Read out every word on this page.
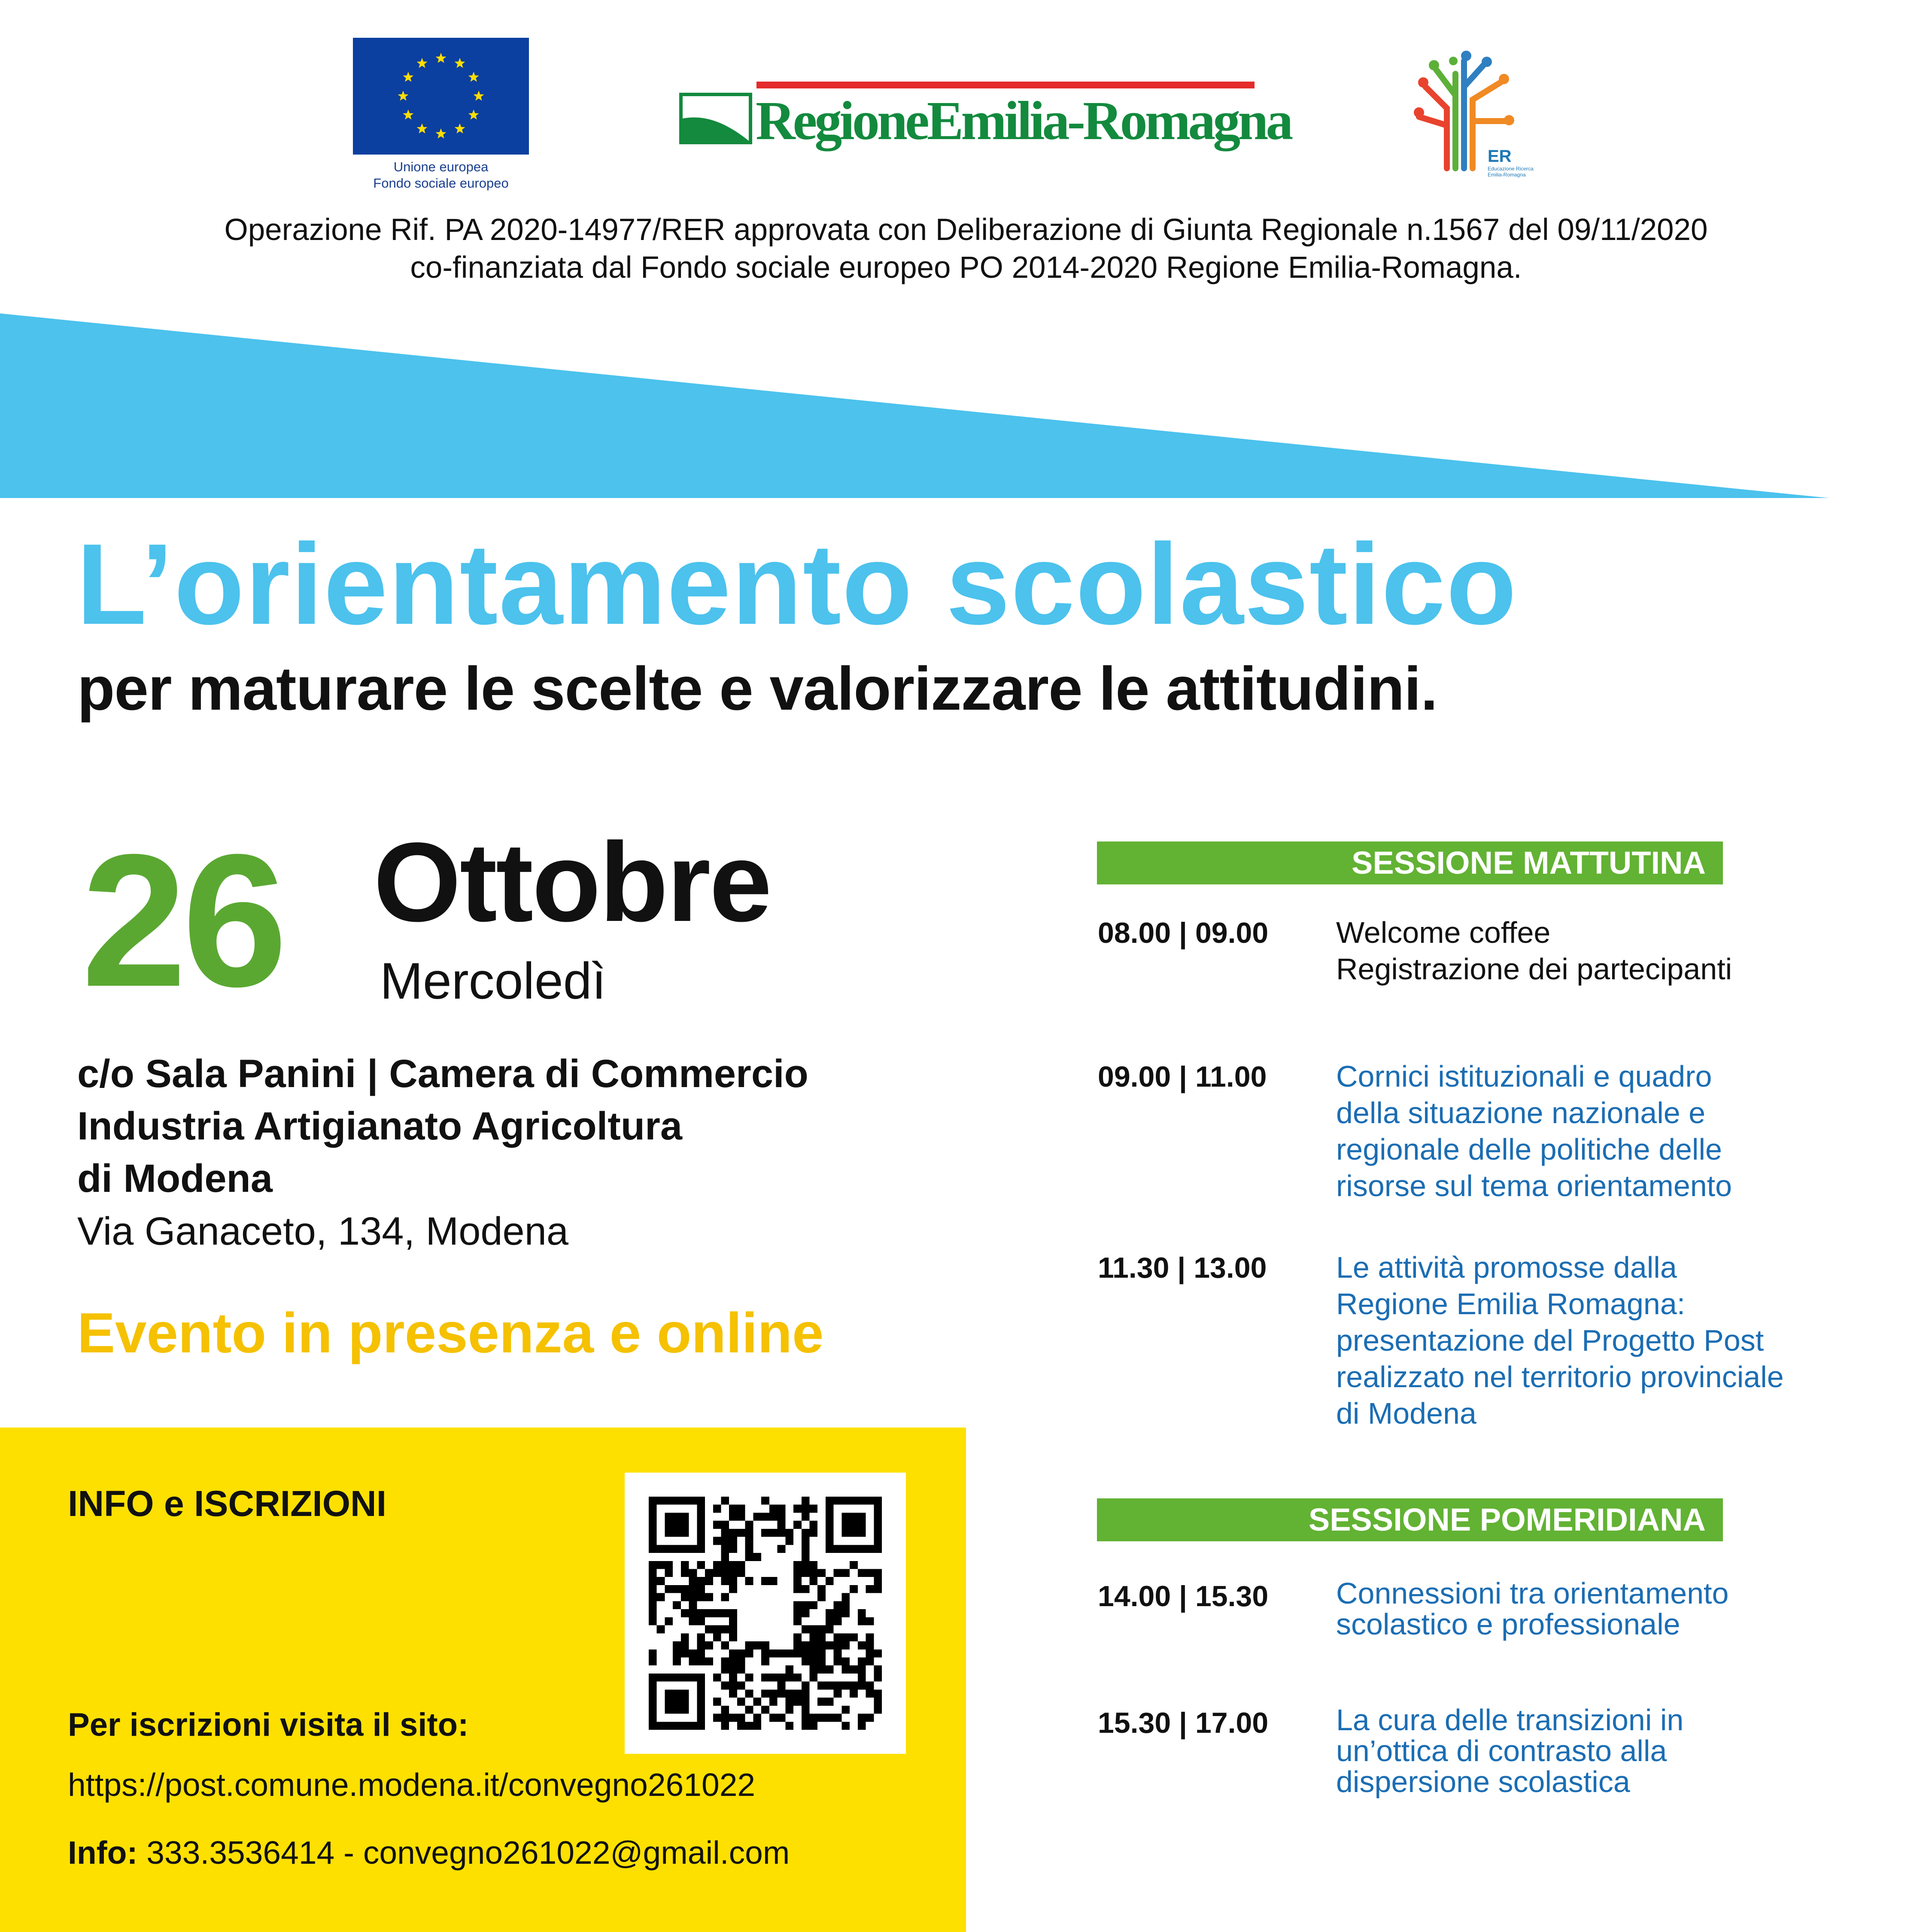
Unione europea
Fondo sociale europeo
RegioneEmilia-Romagna
ER
Educazione Ricerca Emilia-Romagna
Operazione Rif. PA 2020-14977/RER approvata con Deliberazione di Giunta Regionale n.1567 del 09/11/2020
co-finanziata dal Fondo sociale europeo PO 2014-2020 Regione Emilia-Romagna.
L’orientamento scolastico
per maturare le scelte e valorizzare le attitudini.
26 Ottobre
Mercoledì
c/o Sala Panini | Camera di Commercio
Industria Artigianato Agricoltura
di Modena
Via Ganaceto, 134, Modena
Evento in presenza e online
INFO e ISCRIZIONI
Per iscrizioni visita il sito:
https://post.comune.modena.it/convegno261022
Info: 333.3536414 - convegno261022@gmail.com
SESSIONE MATTUTINA
08.00 | 09.00 Welcome coffee
Registrazione dei partecipanti
09.00 | 11.00 Cornici istituzionali e quadro
della situazione nazionale e
regionale delle politiche delle
risorse sul tema orientamento
11.30 | 13.00 Le attività promosse dalla
Regione Emilia Romagna:
presentazione del Progetto Post
realizzato nel territorio provinciale
di Modena
SESSIONE POMERIDIANA
14.00 | 15.30 Connessioni tra orientamento
scolastico e professionale
15.30 | 17.00 La cura delle transizioni in
un’ottica di contrasto alla
dispersione scolastica
